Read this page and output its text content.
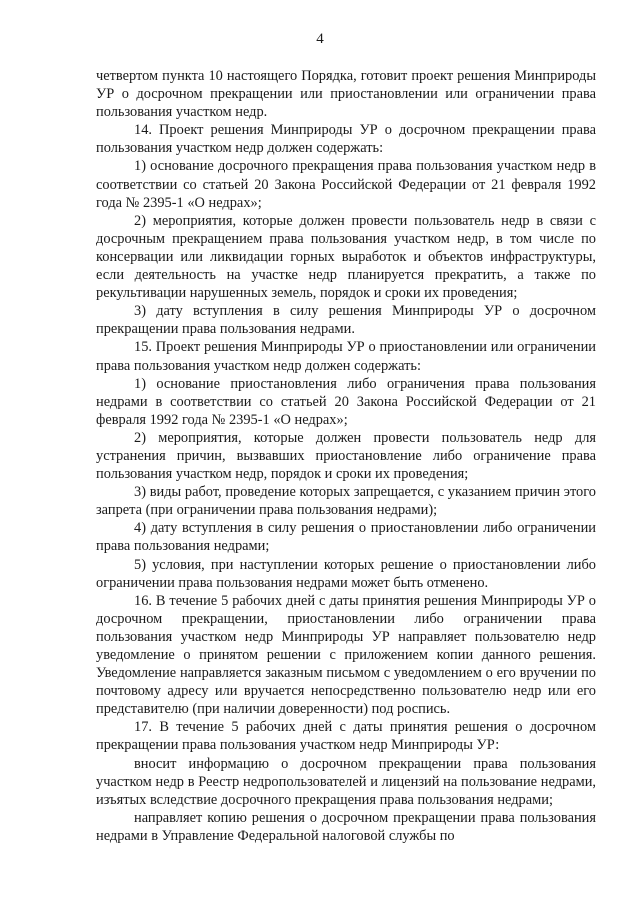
4

четвертом пункта 10 настоящего Порядка, готовит проект решения Минприроды УР о досрочном прекращении или приостановлении или ограничении права пользования участком недр.

14. Проект решения Минприроды УР о досрочном прекращении права пользования участком недр должен содержать:

1) основание досрочного прекращения права пользования участком недр в соответствии со статьей 20 Закона Российской Федерации от 21 февраля 1992 года № 2395-1 «О недрах»;

2) мероприятия, которые должен провести пользователь недр в связи с досрочным прекращением права пользования участком недр, в том числе по консервации или ликвидации горных выработок и объектов инфраструктуры, если деятельность на участке недр планируется прекратить, а также по рекультивации нарушенных земель, порядок и сроки их проведения;

3) дату вступления в силу решения Минприроды УР о досрочном прекращении права пользования недрами.

15. Проект решения Минприроды УР о приостановлении или ограничении права пользования участком недр должен содержать:

1) основание приостановления либо ограничения права пользования недрами в соответствии со статьей 20 Закона Российской Федерации от 21 февраля 1992 года № 2395-1 «О недрах»;

2) мероприятия, которые должен провести пользователь недр для устранения причин, вызвавших приостановление либо ограничение права пользования участком недр, порядок и сроки их проведения;

3) виды работ, проведение которых запрещается, с указанием причин этого запрета (при ограничении права пользования недрами);

4) дату вступления в силу решения о приостановлении либо ограничении права пользования недрами;

5) условия, при наступлении которых решение о приостановлении либо ограничении права пользования недрами может быть отменено.

16. В течение 5 рабочих дней с даты принятия решения Минприроды УР о досрочном прекращении, приостановлении либо ограничении права пользования участком недр Минприроды УР направляет пользователю недр уведомление о принятом решении с приложением копии данного решения. Уведомление направляется заказным письмом с уведомлением о его вручении по почтовому адресу или вручается непосредственно пользователю недр или его представителю (при наличии доверенности) под роспись.

17. В течение 5 рабочих дней с даты принятия решения о досрочном прекращении права пользования участком недр Минприроды УР:

вносит информацию о досрочном прекращении права пользования участком недр в Реестр недропользователей и лицензий на пользование недрами, изъятых вследствие досрочного прекращения права пользования недрами;

направляет копию решения о досрочном прекращении права пользования недрами в Управление Федеральной налоговой службы по
